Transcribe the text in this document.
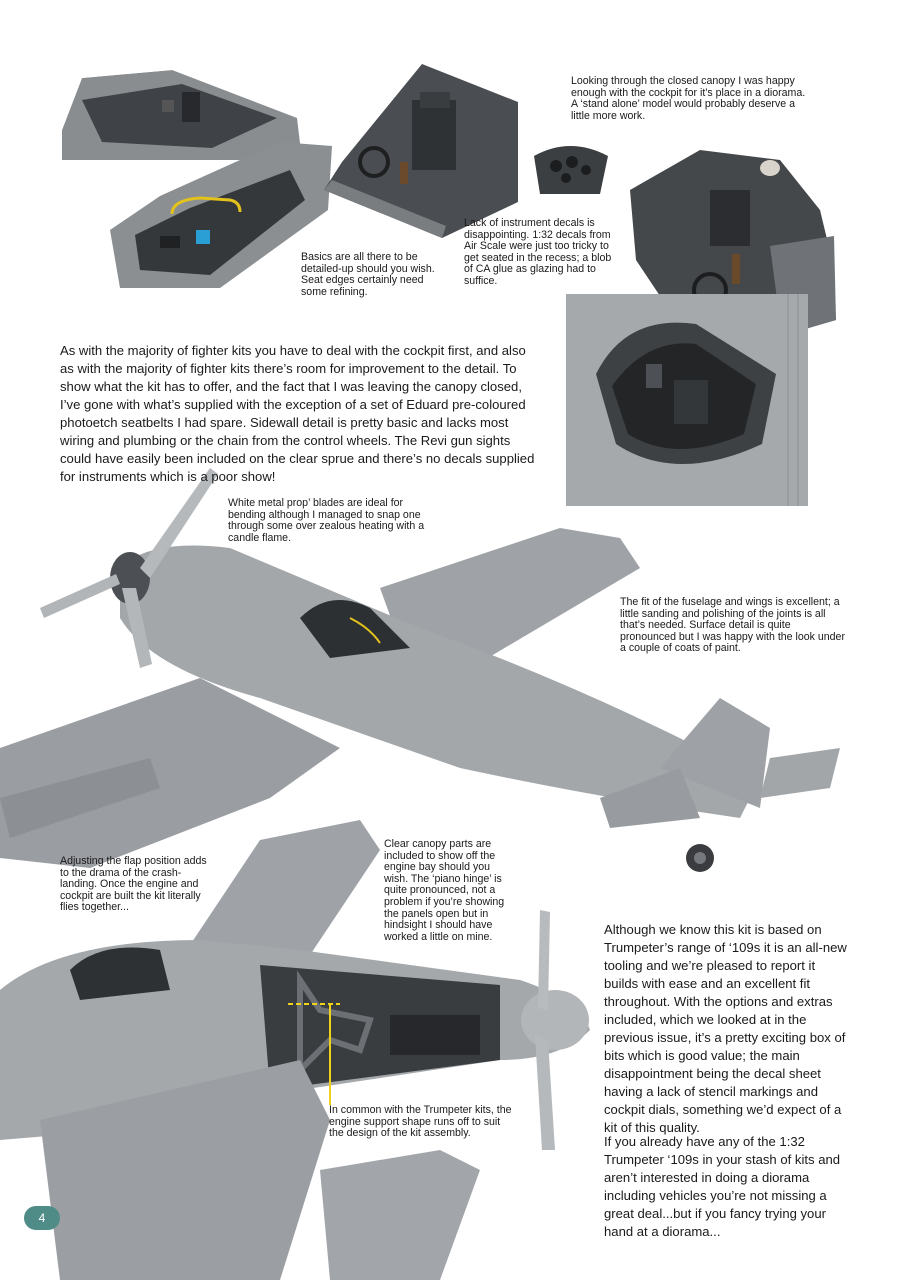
Looking through the closed canopy I was happy enough with the cockpit for it’s place in a diorama. A ‘stand alone’ model would probably deserve a little more work.

Basics are all there to be detailed-up should you wish. Seat edges certainly need some refining.

Lack of instrument decals is disappointing. 1:32 decals from Air Scale were just too tricky to get seated in the recess; a blob of CA glue as glazing had to suffice.

White metal prop’ blades are ideal for bending although I managed to snap one through some over zealous heating with a candle flame.

The fit of the fuselage and wings is excellent; a little sanding and polishing of the joints is all that’s needed. Surface detail is quite pronounced but I was happy with the look under a couple of coats of paint.

Adjusting the flap position adds to the drama of the crash-landing. Once the engine and cockpit are built the kit literally flies together...

Clear canopy parts are included to show off the engine bay should you wish. The ‘piano hinge’ is quite pronounced, not a problem if you’re showing the panels open but in hindsight I should have worked a little on mine.

In common with the Trumpeter kits, the engine support shape runs off to suit the design of the kit assembly.

As with the majority of fighter kits you have to deal with the cockpit first, and also as with the majority of fighter kits there’s room for improvement to the detail. To show what the kit has to offer, and the fact that I was leaving the canopy closed, I’ve gone with what’s supplied with the exception of a set of Eduard pre-coloured photoetch seatbelts I had spare. Sidewall detail is pretty basic and lacks most wiring and plumbing or the chain from the control wheels. The Revi gun sights could have easily been included on the clear sprue and there’s no decals supplied for instruments which is a poor show!

Although we know this kit is based on Trumpeter’s range of ‘109s it is an all-new tooling and we’re pleased to report it builds with ease and an excellent fit throughout. With the options and extras included, which we looked at in the previous issue, it’s a pretty exciting box of bits which is good value; the main disappointment being the decal sheet having a lack of stencil markings and cockpit dials, something we’d expect of a kit of this quality.

If you already have any of the 1:32 Trumpeter ‘109s in your stash of kits and aren’t interested in doing a diorama including vehicles you’re not missing a great deal...but if you fancy trying your hand at a diorama...

4
